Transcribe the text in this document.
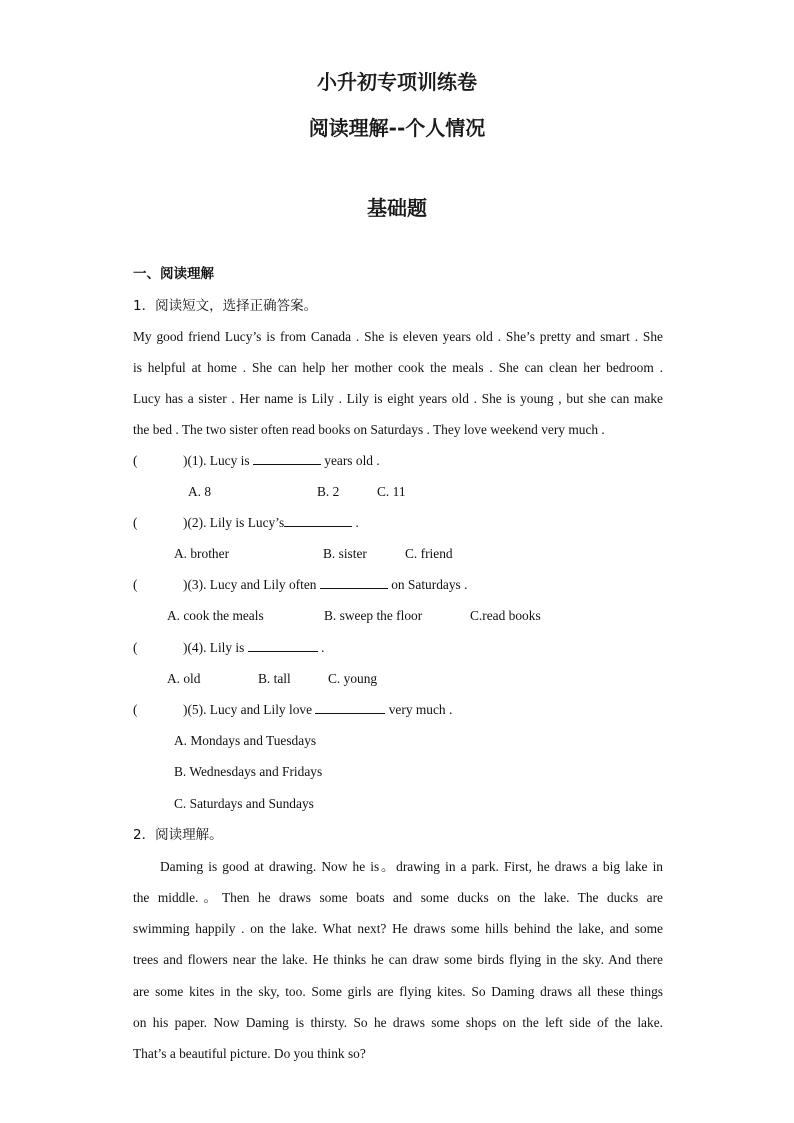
小升初专项训练卷
阅读理解--个人情况
基础题
一、阅读理解
1．阅读短文，选择正确答案。
My good friend Lucy’s is from Canada . She is eleven years old . She’s pretty and smart . She
is helpful at home . She can help her mother cook the meals . She can clean her bedroom .
Lucy has a sister . Her name is Lily . Lily is eight years old . She is young , but she can make
the bed . The two sister often read books on Saturdays . They love weekend very much .
(	)(1). Lucy is	years old .
A. 8	B. 2	C. 11
(	)(2). Lily is Lucy’s	.
A. brother	B. sister	C. friend
(	)(3). Lucy and Lily often	on Saturdays .
A. cook the meals	B. sweep the floor	C.read books
(	)(4). Lily is	.
A. old	B. tall	C. young
(	)(5). Lucy and Lily love	very much .
A. Mondays and Tuesdays
B. Wednesdays and Fridays
C. Saturdays and Sundays
2．阅读理解。
Daming is good at drawing. Now he is。drawing in a park. First, he draws a big lake in
the middle.。Then he draws some boats and some ducks on the lake. The ducks are
swimming happily . on the lake. What next? He draws some hills behind the lake, and some
trees and flowers near the lake. He thinks he can draw some birds flying in the sky. And there
are some kites in the sky, too. Some girls are flying kites. So Daming draws all these things
on his paper. Now Daming is thirsty. So he draws some shops on the left side of the lake.
That’s a beautiful picture. Do you think so?
